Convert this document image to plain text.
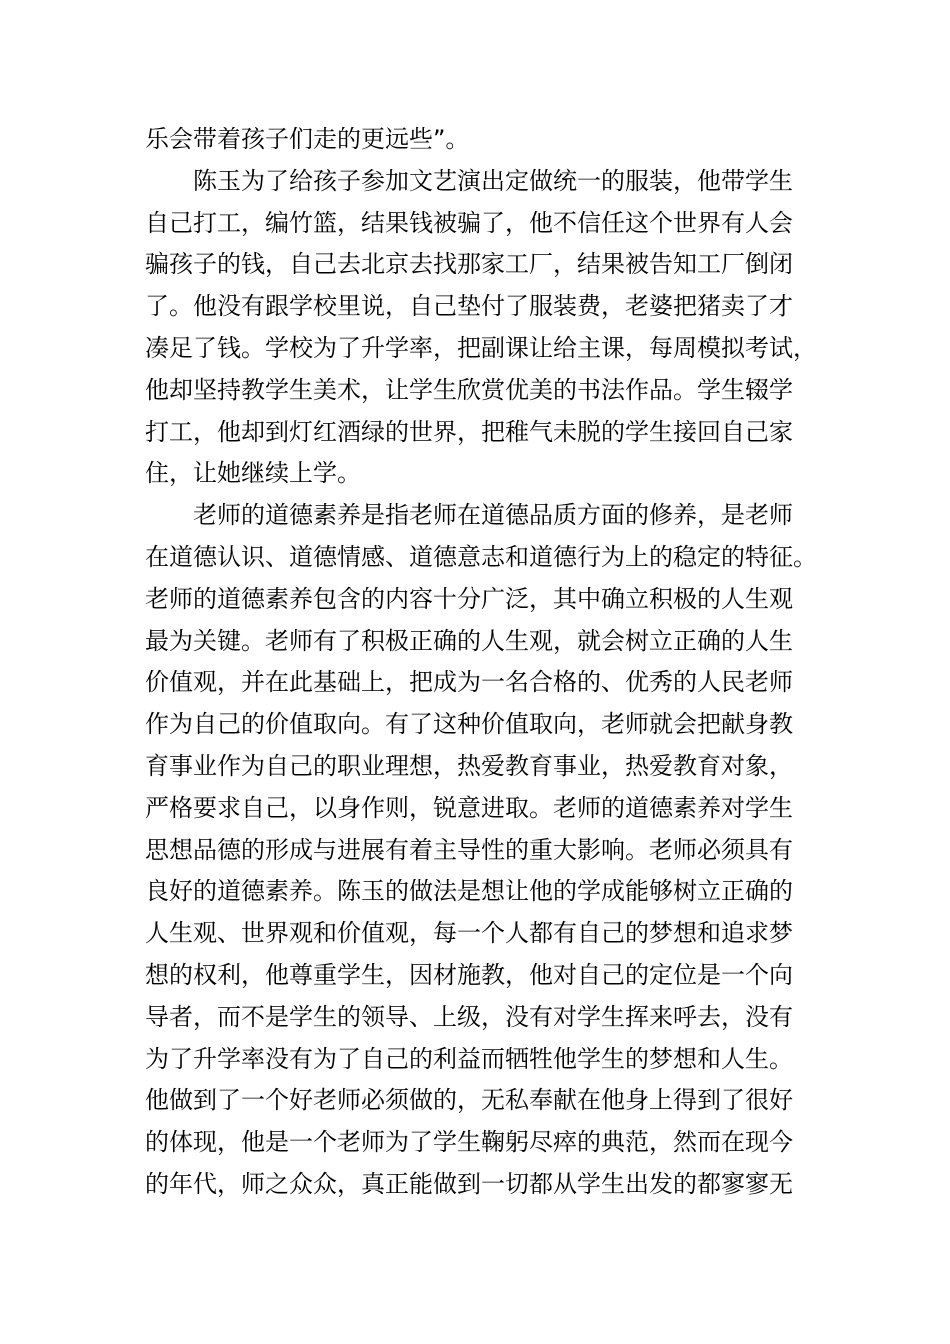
乐会带着孩子们走的更远些”。
陈玉为了给孩子参加文艺演出定做统一的服装，他带学生
自己打工，编竹篮，结果钱被骗了，他不信任这个世界有人会
骗孩子的钱，自己去北京去找那家工厂，结果被告知工厂倒闭
了。他没有跟学校里说，自己垫付了服装费，老婆把猪卖了才
凑足了钱。学校为了升学率，把副课让给主课，每周模拟考试，
他却坚持教学生美术，让学生欣赏优美的书法作品。学生辍学
打工，他却到灯红酒绿的世界，把稚气未脱的学生接回自己家
住，让她继续上学。
老师的道德素养是指老师在道德品质方面的修养，是老师
在道德认识、道德情感、道德意志和道德行为上的稳定的特征。
老师的道德素养包含的内容十分广泛，其中确立积极的人生观
最为关键。老师有了积极正确的人生观，就会树立正确的人生
价值观，并在此基础上，把成为一名合格的、优秀的人民老师
作为自己的价值取向。有了这种价值取向，老师就会把献身教
育事业作为自己的职业理想，热爱教育事业，热爱教育对象，
严格要求自己，以身作则，锐意进取。老师的道德素养对学生
思想品德的形成与进展有着主导性的重大影响。老师必须具有
良好的道德素养。陈玉的做法是想让他的学成能够树立正确的
人生观、世界观和价值观，每一个人都有自己的梦想和追求梦
想的权利，他尊重学生，因材施教，他对自己的定位是一个向
导者，而不是学生的领导、上级，没有对学生挥来呼去，没有
为了升学率没有为了自己的利益而牺牲他学生的梦想和人生。
他做到了一个好老师必须做的，无私奉献在他身上得到了很好
的体现，他是一个老师为了学生鞠躬尽瘁的典范，然而在现今
的年代，师之众众，真正能做到一切都从学生出发的都寥寥无
